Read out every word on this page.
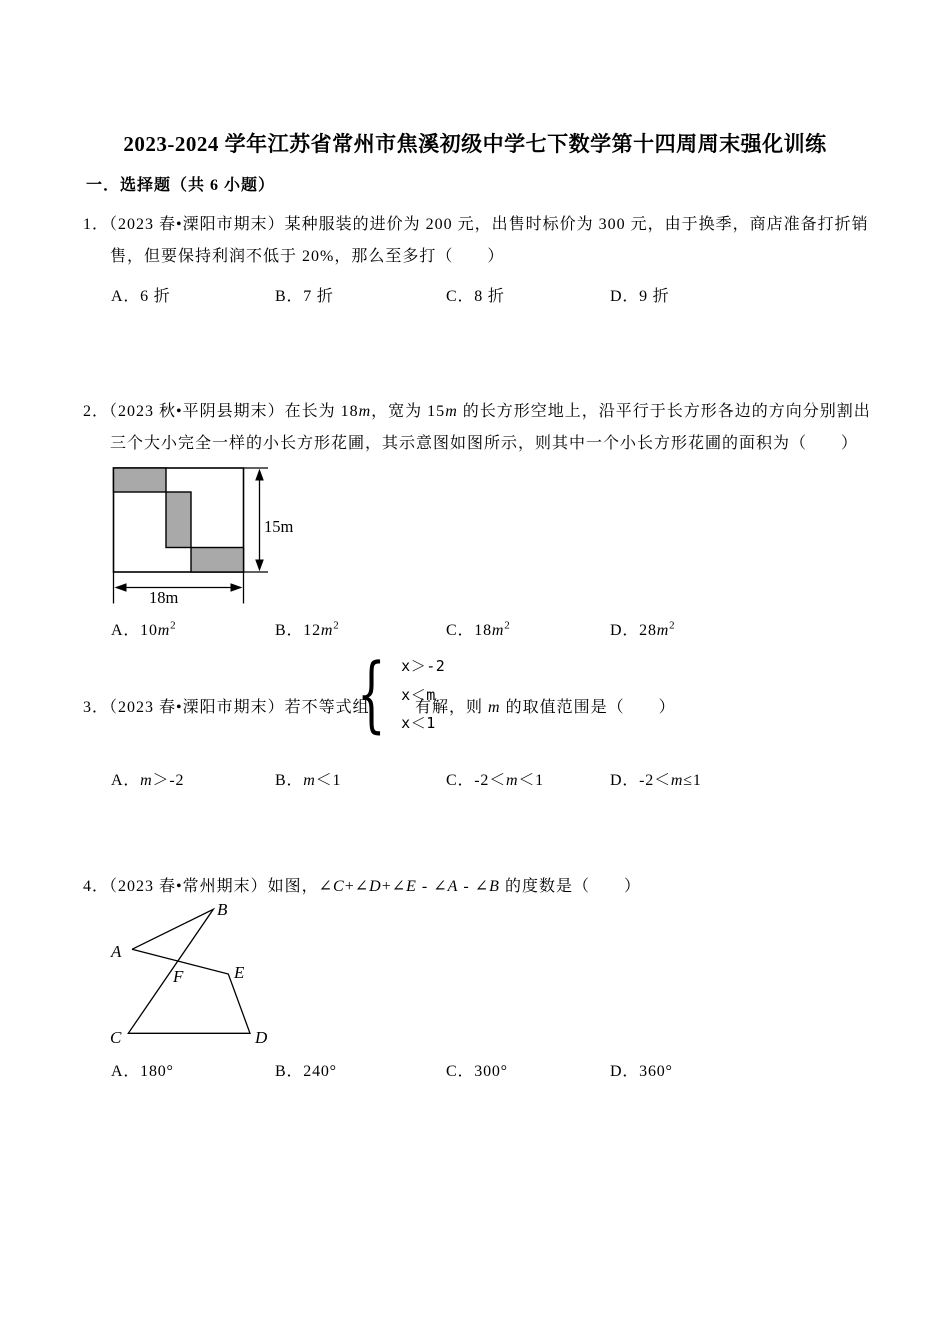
2023-2024 学年江苏省常州市焦溪初级中学七下数学第十四周周末强化训练
一．选择题（共 6 小题）
1．（2023 春•溧阳市期末）某种服装的进价为 200 元，出售时标价为 300 元，由于换季，商店准备打折销
售，但要保持利润不低于 20%，那么至多打（　　）
A．6 折	B．7 折	C．8 折	D．9 折
2．（2023 秋•平阴县期末）在长为 18m，宽为 15m 的长方形空地上，沿平行于长方形各边的方向分别割出
三个大小完全一样的小长方形花圃，其示意图如图所示，则其中一个小长方形花圃的面积为（　　）
15m
18m
A．$10m^2$	B．$12m^2$	C．$18m^2$	D．$28m^2$
3．（2023 春•溧阳市期末）若不等式组
{ x＞-2
x＜m
x＜1
有解，则 m 的取值范围是（　　）
A．m＞-2	B．m＜1	C．-2＜m＜1	D．-2＜m≤1
4．（2023 春•常州期末）如图，∠C+∠D+∠E - ∠A - ∠B 的度数是（　　）
B
A
F	E
C	D
A．180°	B．240°	C．300°	D．360°
